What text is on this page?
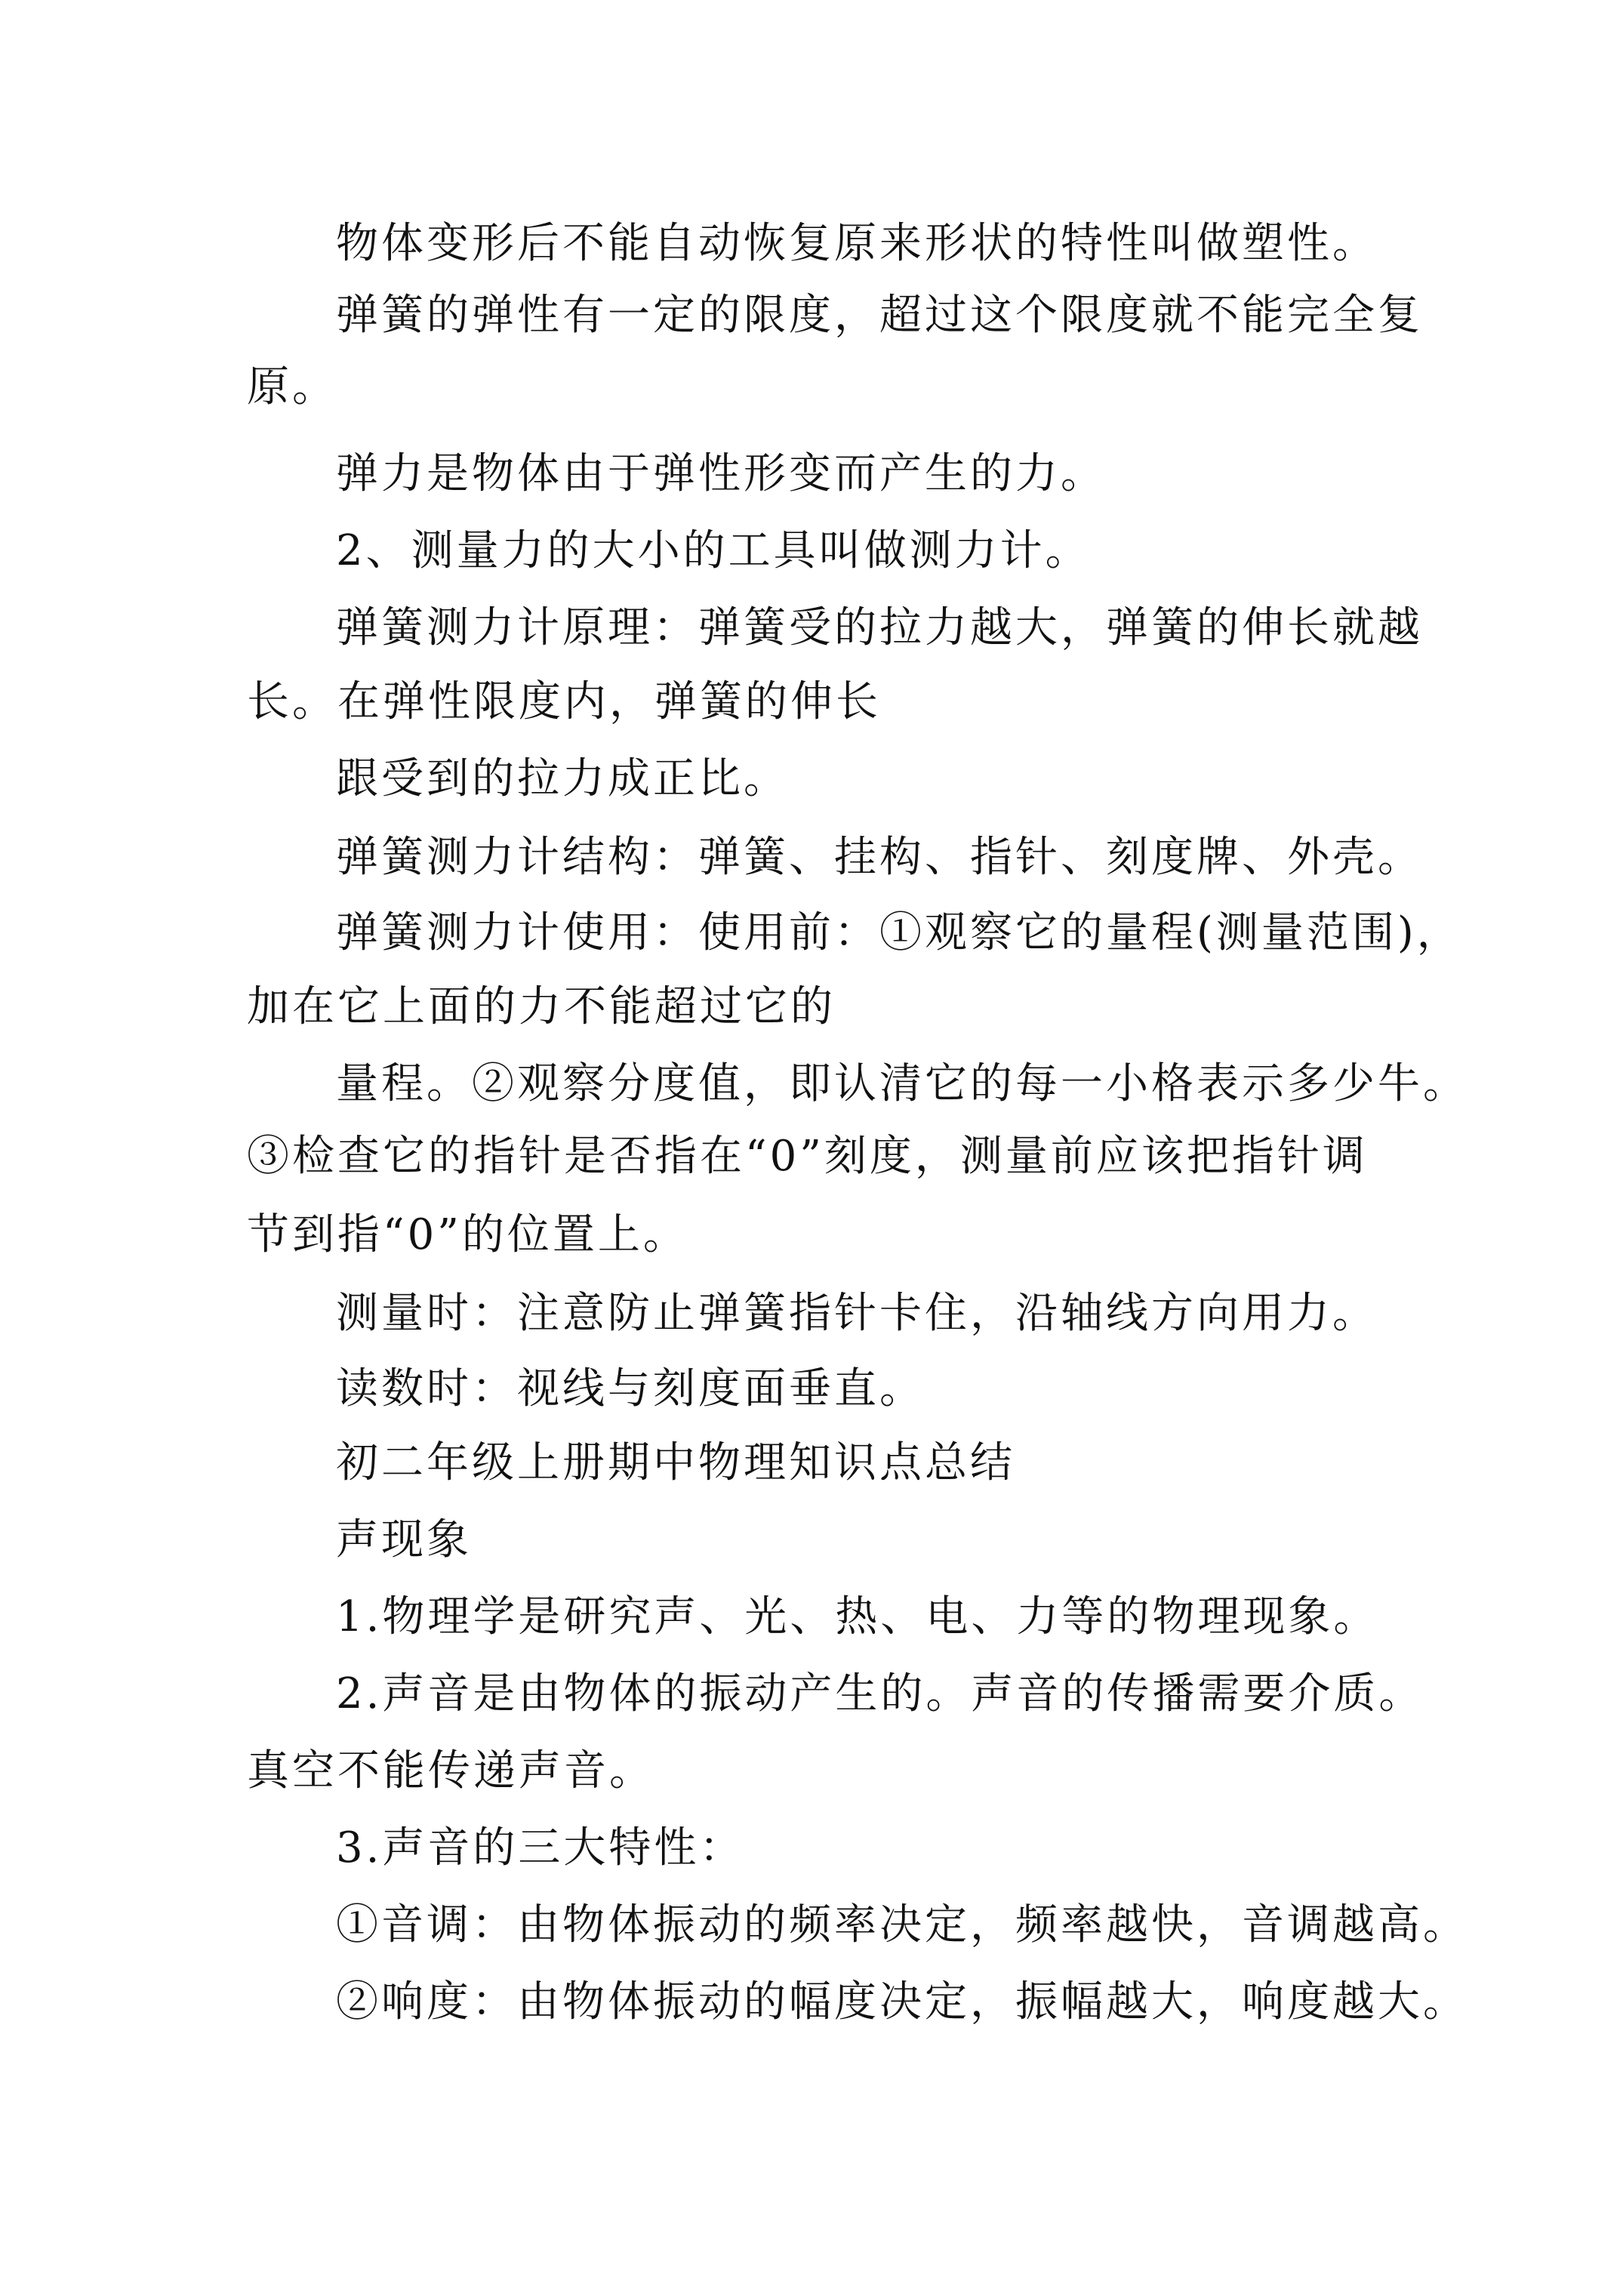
物体变形后不能自动恢复原来形状的特性叫做塑性。

弹簧的弹性有一定的限度，超过这个限度就不能完全复

原。

弹力是物体由于弹性形变而产生的力。

2、测量力的大小的工具叫做测力计。

弹簧测力计原理：弹簧受的拉力越大，弹簧的伸长就越

长。在弹性限度内，弹簧的伸长

跟受到的拉力成正比。

弹簧测力计结构：弹簧、挂构、指针、刻度牌、外壳。

弹簧测力计使用：使用前：①观察它的量程(测量范围)，

加在它上面的力不能超过它的

量程。②观察分度值，即认清它的每一小格表示多少牛。

③检查它的指针是否指在“0”刻度，测量前应该把指针调

节到指“0”的位置上。

测量时：注意防止弹簧指针卡住，沿轴线方向用力。

读数时：视线与刻度面垂直。

初二年级上册期中物理知识点总结

声现象

1.物理学是研究声、光、热、电、力等的物理现象。

2.声音是由物体的振动产生的。声音的传播需要介质。

真空不能传递声音。

3.声音的三大特性：

①音调：由物体振动的频率决定，频率越快，音调越高。

②响度：由物体振动的幅度决定，振幅越大，响度越大。
